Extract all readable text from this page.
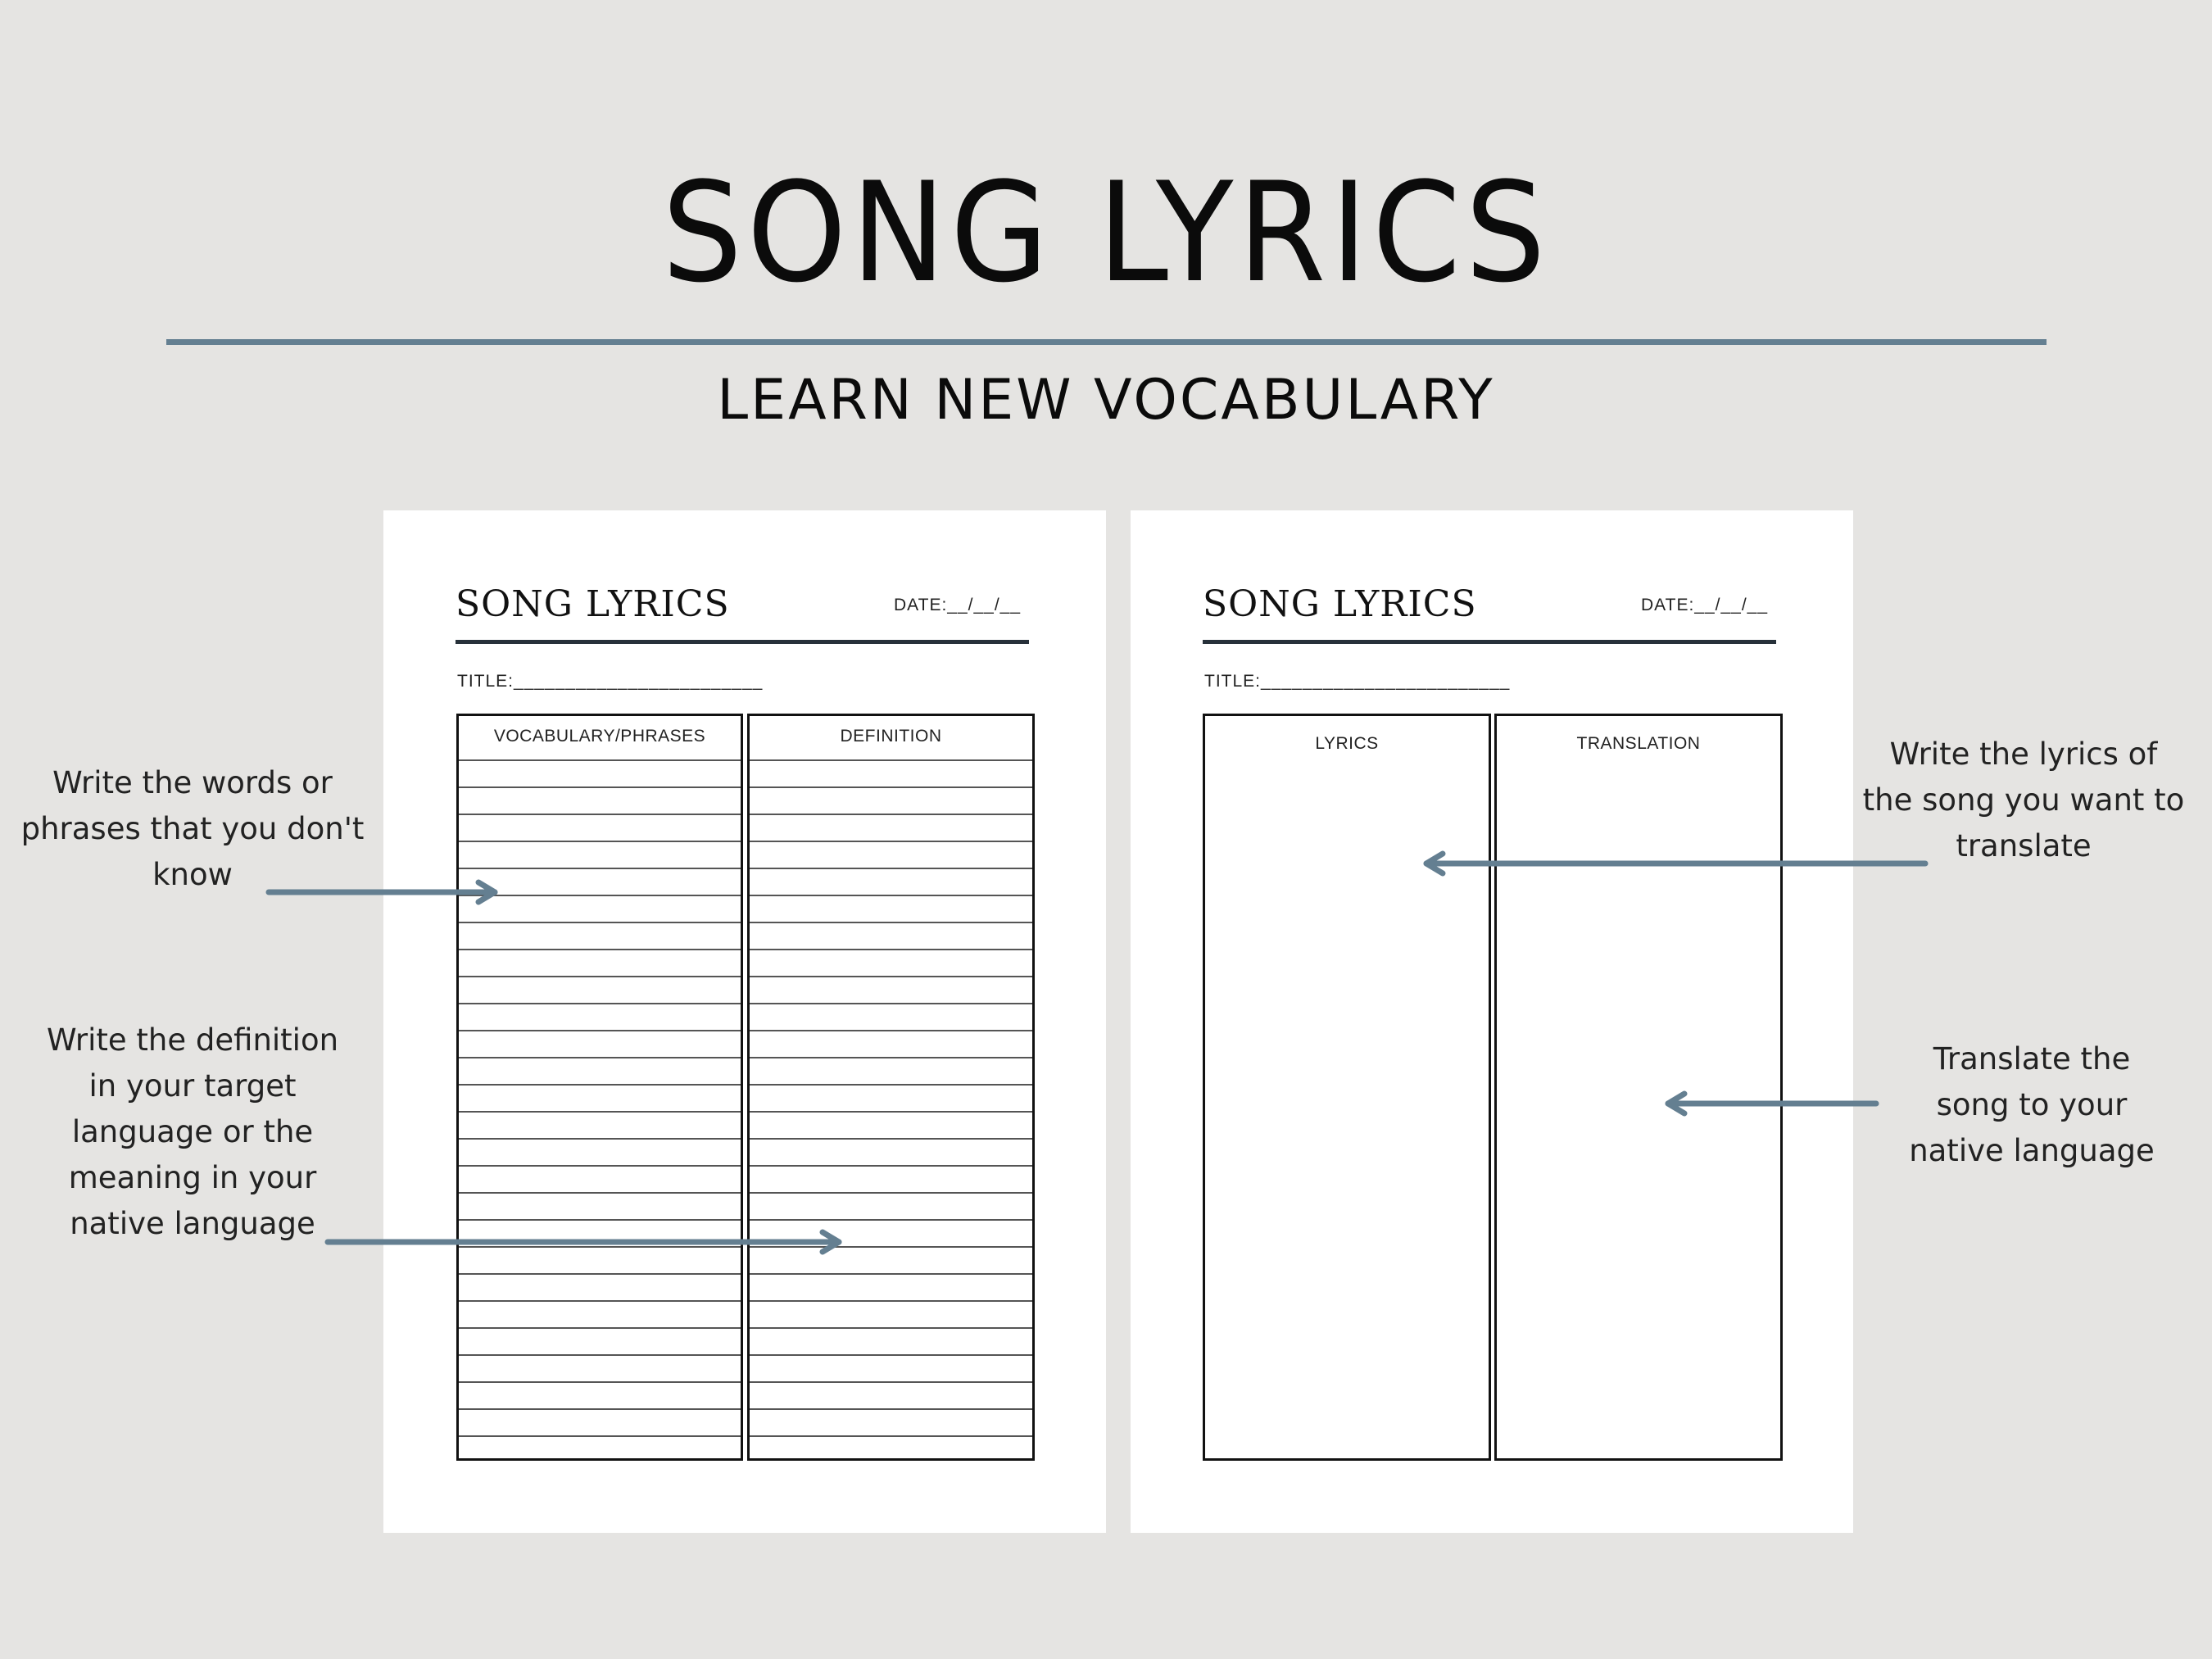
SONG LYRICS
LEARN NEW VOCABULARY
SONG LYRICS	DATE:__/__/__
TITLE:________________________
VOCABULARY/PHRASES	DEFINITION
SONG LYRICS	DATE:__/__/__
TITLE:________________________
LYRICS	TRANSLATION
Write the words or
phrases that you don't
know
Write the definition
in your target
language or the
meaning in your
native language
Write the lyrics of
the song you want to
translate
Translate the
song to your
native language
